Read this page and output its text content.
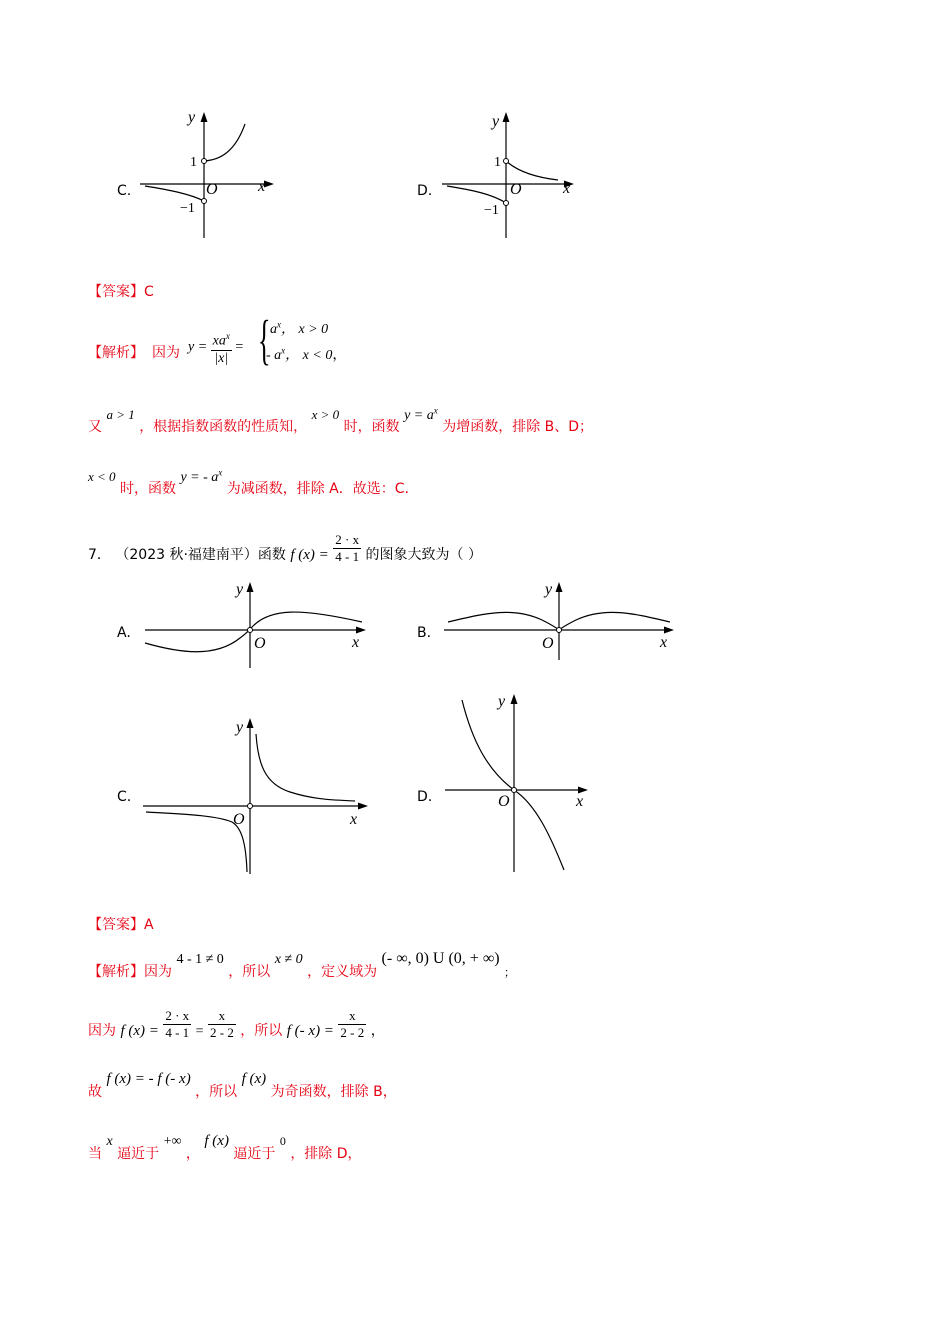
C.
y
x
O
1
−1
D.
y
x
O
1
−1
【答案】C
【解析】 因为 $y = \frac{xa^x}{|x|}$ = { $a^x$， x > 0
- $a^x$， x < 0，
又 a > 1 ，根据指数函数的性质知， x > 0 时，函数 $y = a^x$ 为增函数，排除 B、D；
x < 0 时，函数 y = - $a^x$ 为减函数，排除 A．故选：C.
7． （2023 秋·福建南平）函数 f $(x) = \frac{2 \cdot x}{4 - 1}$ 的图象大致为（ ）
A.
y
x
O
B.
y
x
O
C.
y
x
O
D.
y
x
O
【答案】A
【解析】因为 4 - 1 ≠ 0 ，所以 x ≠ 0 ，定义域为 (- ∞, 0) U (0, + ∞) $_;$
因为 f $(x) = \frac{2 \cdot x}{4 - 1} = \frac{x}{2 - 2}$ ，所以 f (- $x) = \frac{x}{2 - 2}$ ，
故 f (x) = - f (- x) ，所以 f (x) 为奇函数，排除 B，
当 x 逼近于 +∞ ， f (x) 逼近于 0 ，排除 D，
